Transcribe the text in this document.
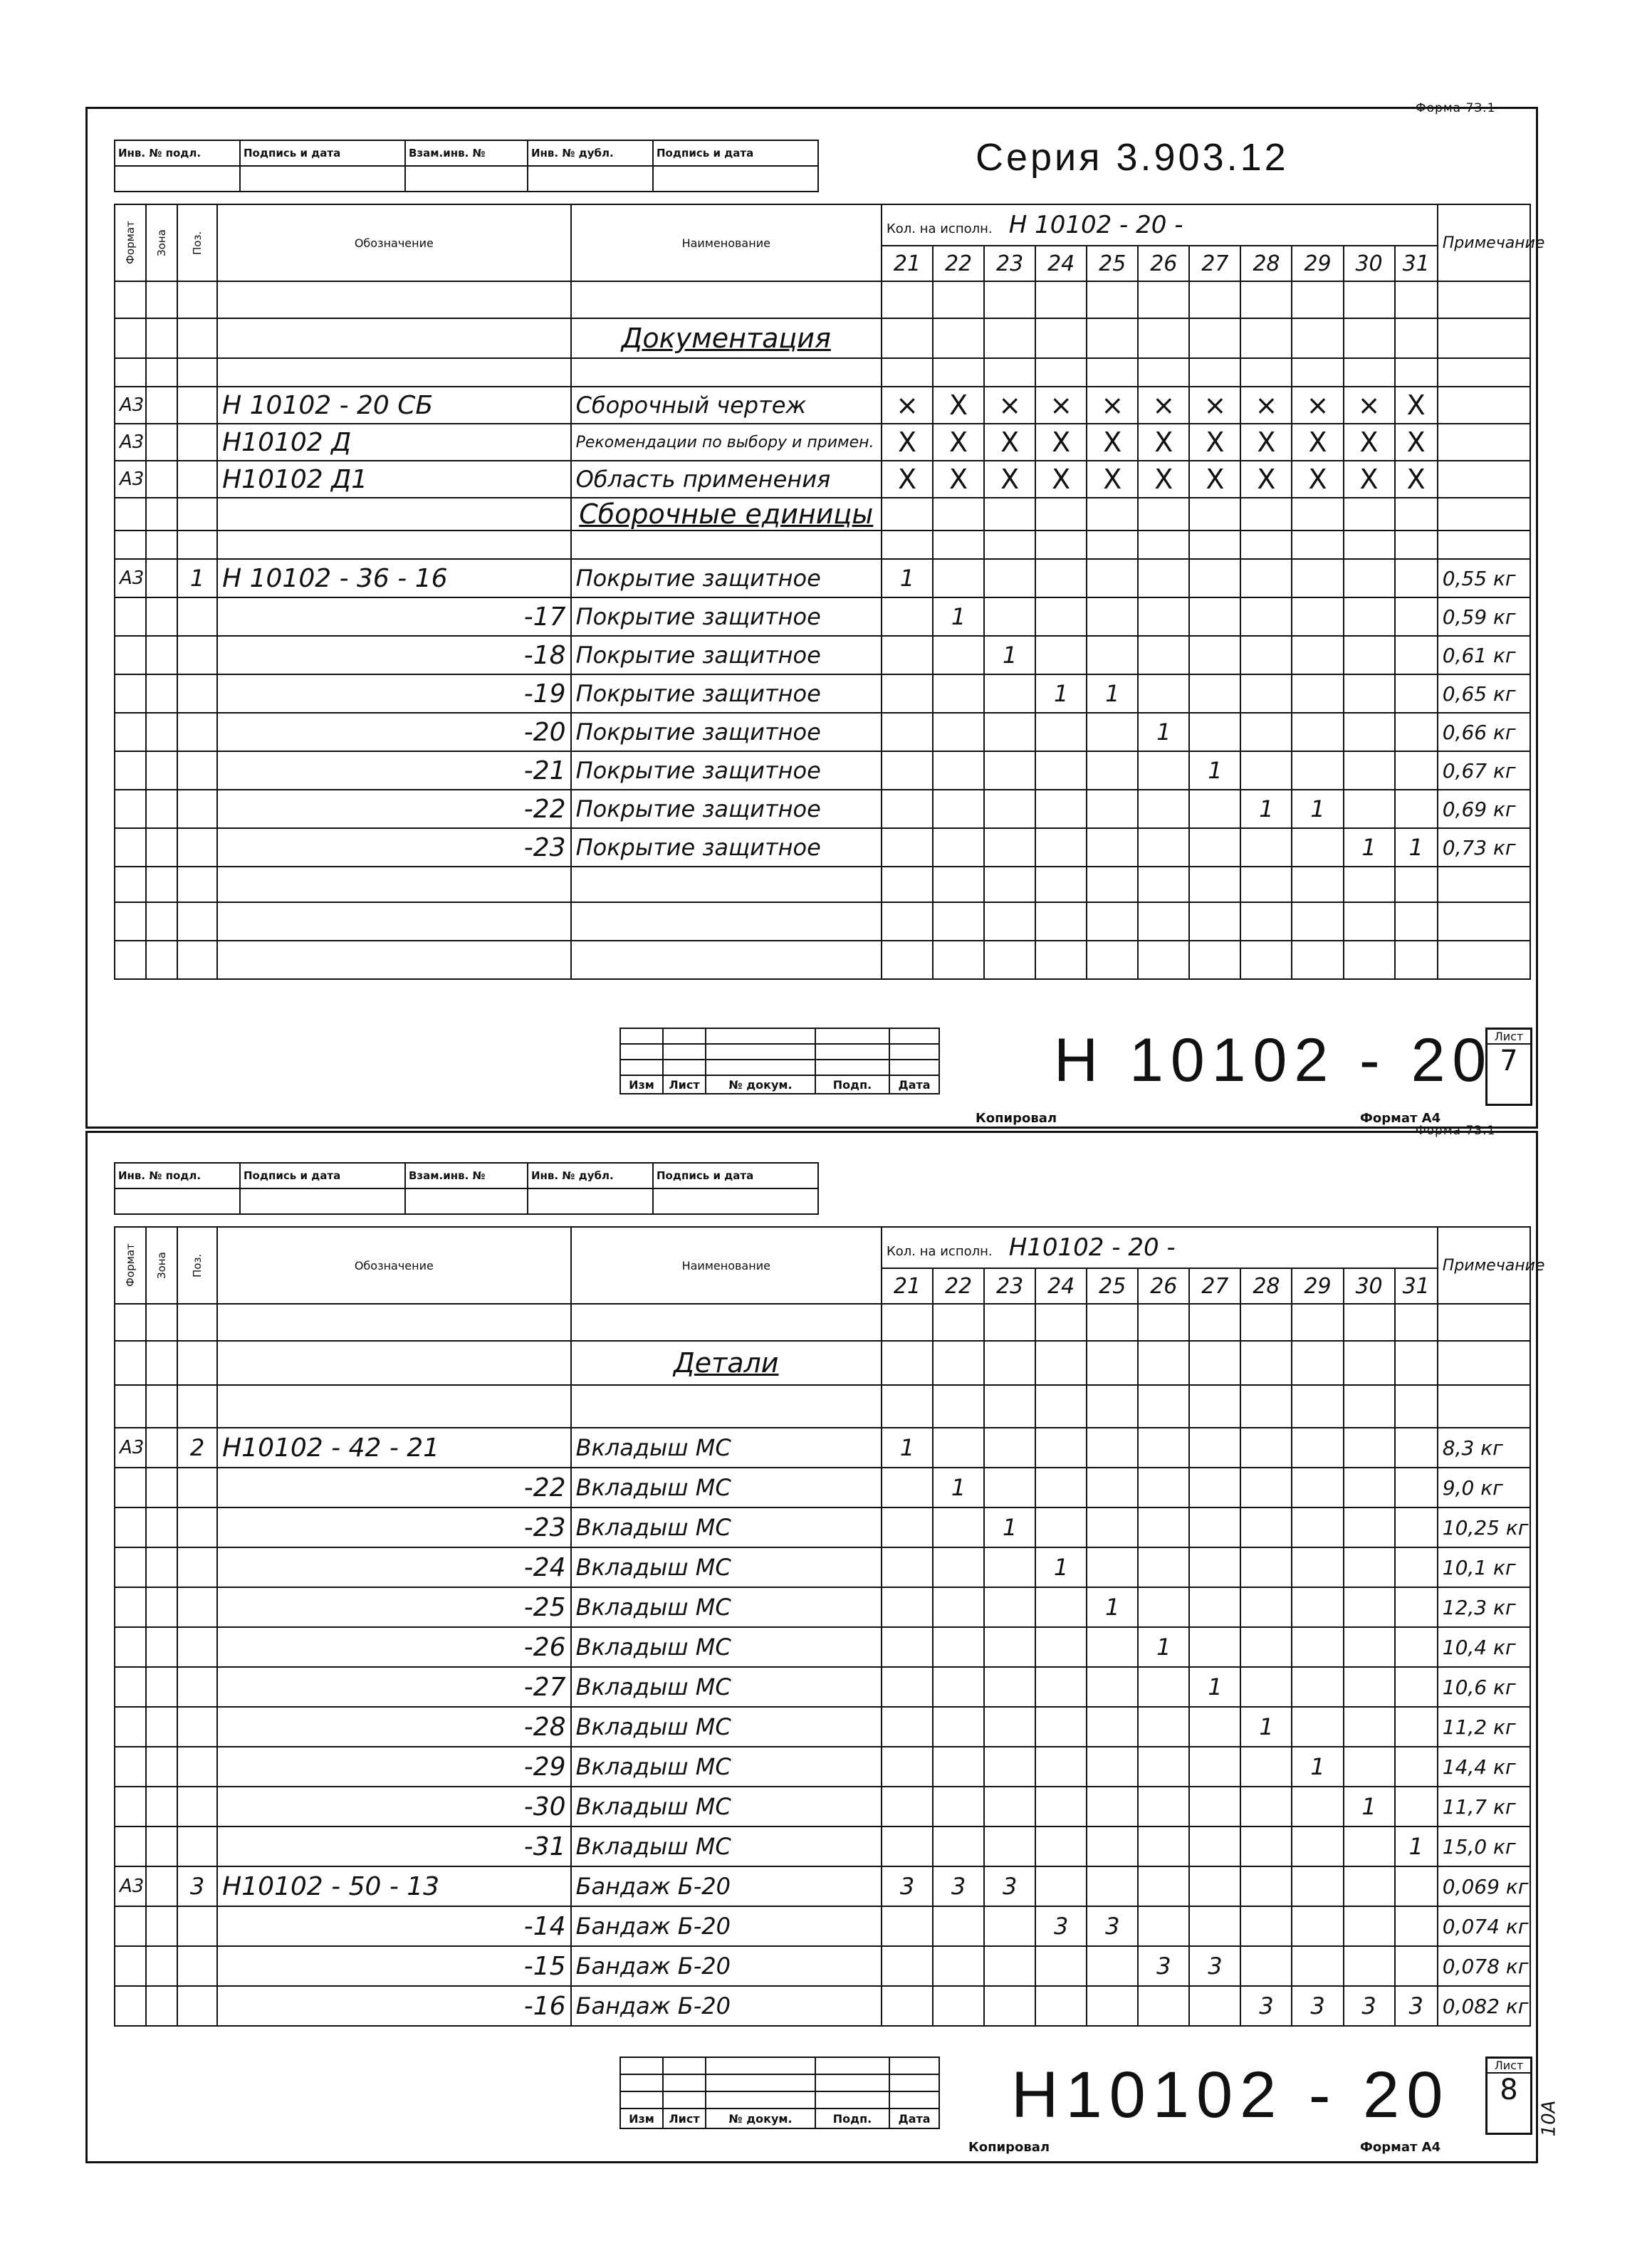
Форма 7З.1
Инв. № подл.	Подпись и дата	Взам.инв. №	Инв. № дубл.	Подпись и дата
					Серия 3.903.12
Формат	Зона	Поз.	Обозначение	Наименование	Кол. на исполн. Н 10102 - 20 -											Примечание
					21	22	23	24	25	26	27	28	29	30	31	

				Документация												

А3			Н 10102 - 20 СБ	Сборочный чертеж	×	Х	×	×	×	×	×	×	×	×	Х	
А3			Н10102 Д	Рекомендации по выбору и примен.	Х	Х	Х	Х	Х	Х	Х	Х	Х	Х	Х	
А3			Н10102 Д1	Область применения	Х	Х	Х	Х	Х	Х	Х	Х	Х	Х	Х	
				Сборочные единицы												

А3		1	Н 10102 - 36 - 16	Покрытие защитное	1											0,55 кг
			-17	Покрытие защитное		1										0,59 кг
			-18	Покрытие защитное			1									0,61 кг
			-19	Покрытие защитное				1	1							0,65 кг
			-20	Покрытие защитное						1						0,66 кг
			-21	Покрытие защитное							1					0,67 кг
			-22	Покрытие защитное								1	1			0,69 кг
			-23	Покрытие защитное										1	1	0,73 кг

Изм	Лист	№ докум.	Подп.	Дата Н 10102 - 20 Лист
7
Копировал	Формат А4
Форма 7З.1
Инв. № подл.	Подпись и дата	Взам.инв. №	Инв. № дубл.	Подпись и дата

Формат	Зона	Поз.	Обозначение	Наименование	Кол. на исполн. Н10102 - 20 -											Примечание
					21	22	23	24	25	26	27	28	29	30	31	

				Детали												

А3		2	Н10102 - 42 - 21	Вкладыш МС	1											8,3 кг
			-22	Вкладыш МС		1										9,0 кг
			-23	Вкладыш МС			1									10,25 кг
			-24	Вкладыш МС				1								10,1 кг
			-25	Вкладыш МС					1							12,3 кг
			-26	Вкладыш МС						1						10,4 кг
			-27	Вкладыш МС							1					10,6 кг
			-28	Вкладыш МС								1				11,2 кг
			-29	Вкладыш МС									1			14,4 кг
			-30	Вкладыш МС										1		11,7 кг
			-31	Вкладыш МС											1	15,0 кг
А3		3	Н10102 - 50 - 13	Бандаж Б-20	3	3	3									0,069 кг
			-14	Бандаж Б-20				3	3							0,074 кг
			-15	Бандаж Б-20						3	3					0,078 кг
			-16	Бандаж Б-20								3	3	3	3	0,082 кг

Изм	Лист	№ докум.	Подп.	Дата Н10102 - 20	Лист
8
10А
Копировал	Формат А4
